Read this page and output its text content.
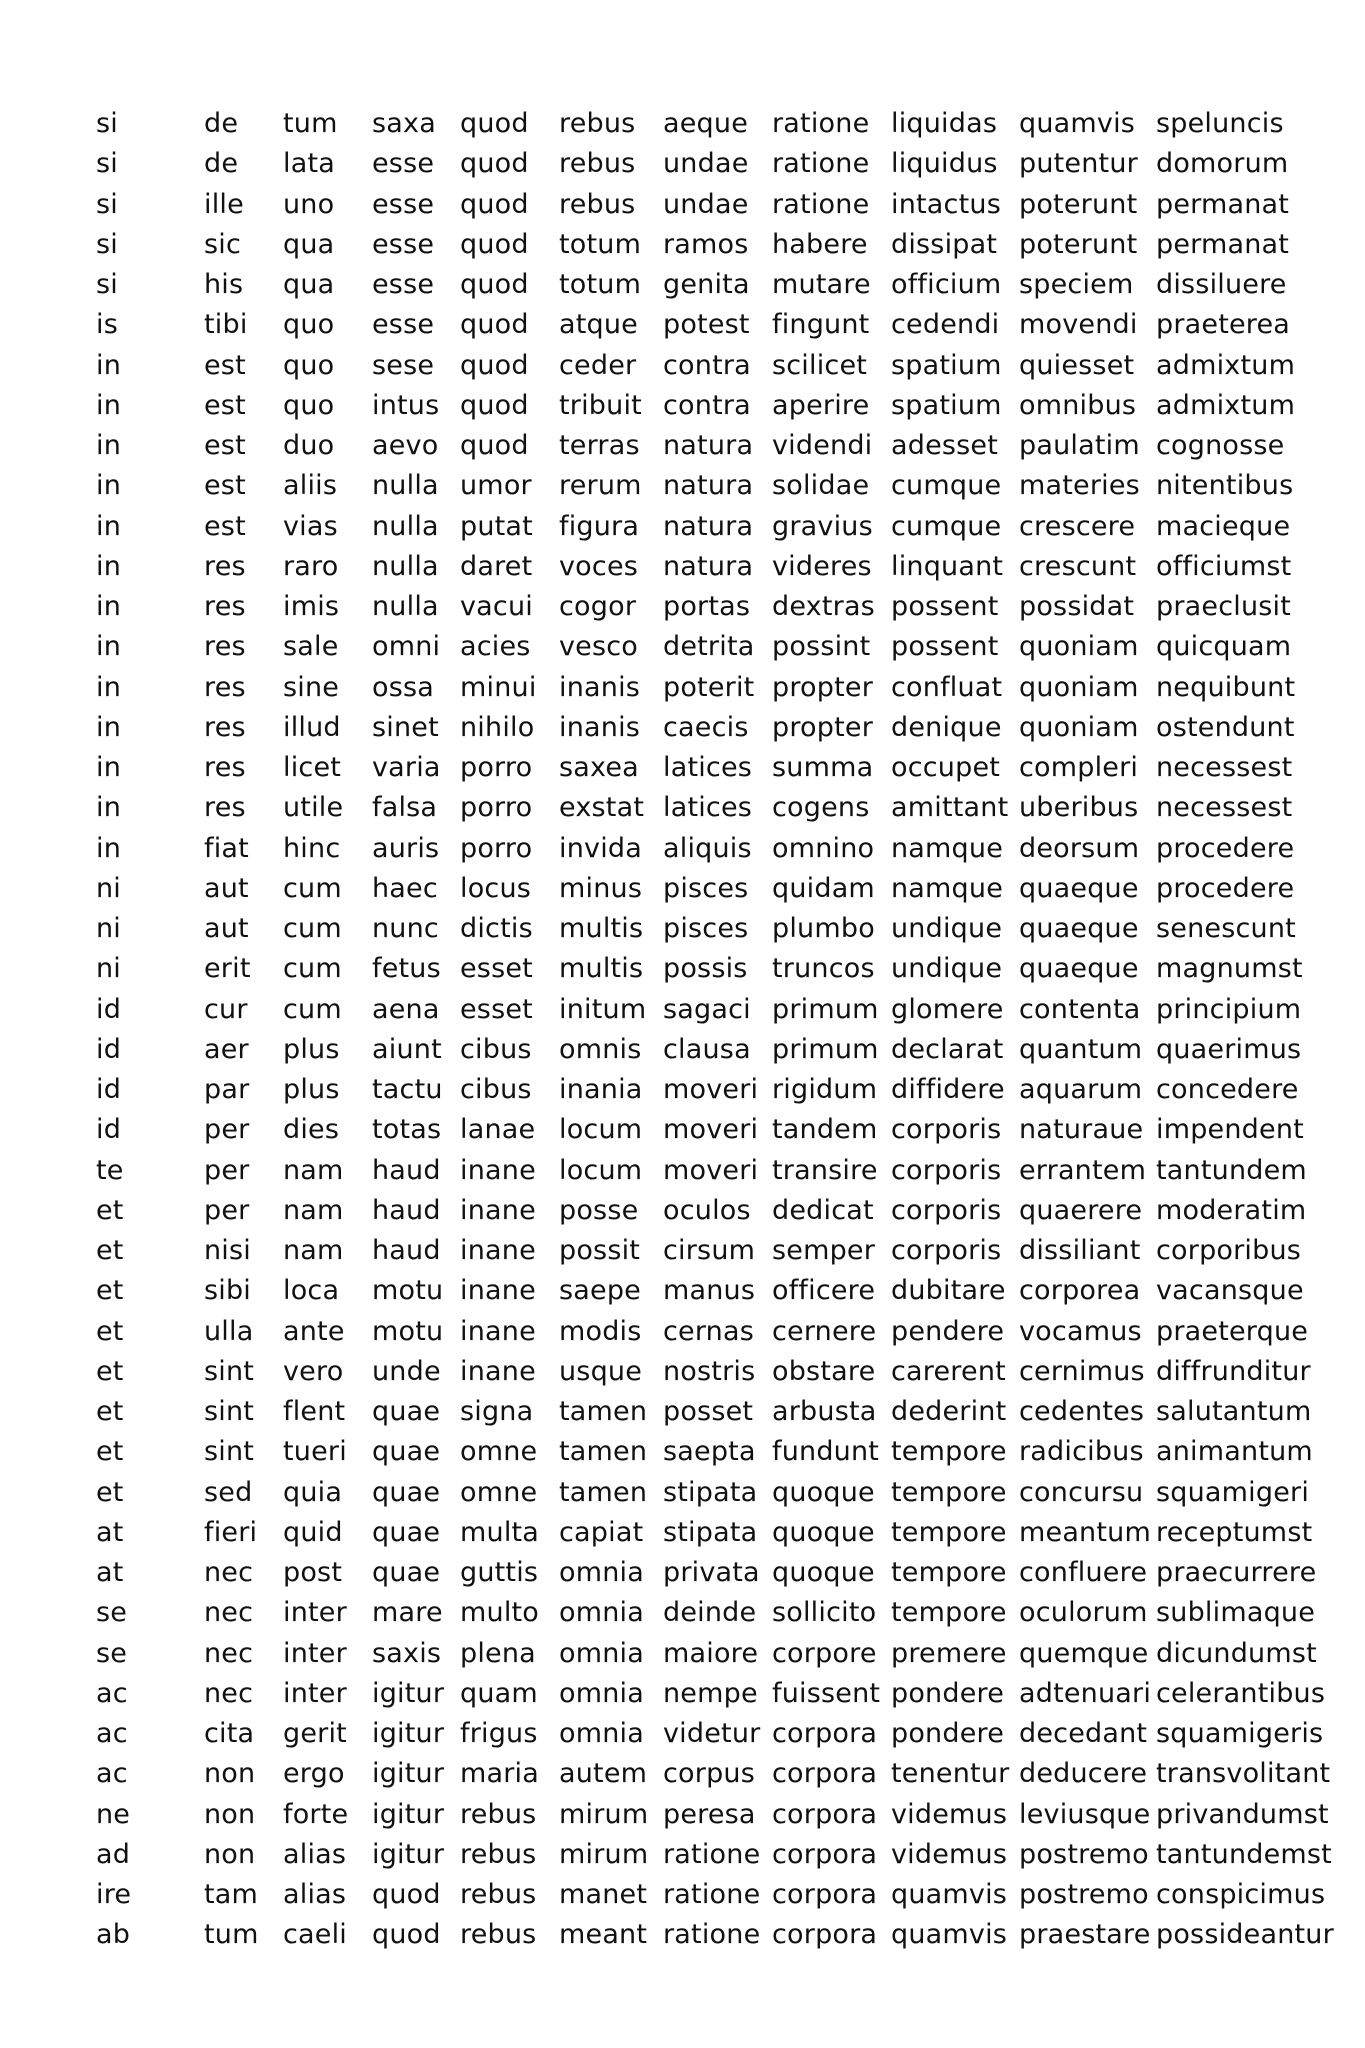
si	de	tum	saxa	quod	rebus	aeque	ratione	liquidas	quamvis	speluncis
si	de	lata	esse	quod	rebus	undae	ratione	liquidus	putentur	domorum
si	ille	uno	esse	quod	rebus	undae	ratione	intactus	poterunt	permanat
si	sic	qua	esse	quod	totum	ramos	habere	dissipat	poterunt	permanat
si	his	qua	esse	quod	totum	genita	mutare	officium	speciem	dissiluere
is	tibi	quo	esse	quod	atque	potest	fingunt	cedendi	movendi	praeterea
in	est	quo	sese	quod	ceder	contra	scilicet	spatium	quiesset	admixtum
in	est	quo	intus	quod	tribuit	contra	aperire	spatium	omnibus	admixtum
in	est	duo	aevo	quod	terras	natura	videndi	adesset	paulatim	cognosse
in	est	aliis	nulla	umor	rerum	natura	solidae	cumque	materies	nitentibus
in	est	vias	nulla	putat	figura	natura	gravius	cumque	crescere	macieque
in	res	raro	nulla	daret	voces	natura	videres	linquant	crescunt	officiumst
in	res	imis	nulla	vacui	cogor	portas	dextras	possent	possidat	praeclusit
in	res	sale	omni	acies	vesco	detrita	possint	possent	quoniam	quicquam
in	res	sine	ossa	minui	inanis	poterit	propter	confluat	quoniam	nequibunt
in	res	illud	sinet	nihilo	inanis	caecis	propter	denique	quoniam	ostendunt
in	res	licet	varia	porro	saxea	latices	summa	occupet	compleri	necessest
in	res	utile	falsa	porro	exstat	latices	cogens	amittant	uberibus	necessest
in	fiat	hinc	auris	porro	invida	aliquis	omnino	namque	deorsum	procedere
ni	aut	cum	haec	locus	minus	pisces	quidam	namque	quaeque	procedere
ni	aut	cum	nunc	dictis	multis	pisces	plumbo	undique	quaeque	senescunt
ni	erit	cum	fetus	esset	multis	possis	truncos	undique	quaeque	magnumst
id	cur	cum	aena	esset	initum	sagaci	primum	glomere	contenta	principium
id	aer	plus	aiunt	cibus	omnis	clausa	primum	declarat	quantum	quaerimus
id	par	plus	tactu	cibus	inania	moveri	rigidum	diffidere	aquarum	concedere
id	per	dies	totas	lanae	locum	moveri	tandem	corporis	naturaue	impendent
te	per	nam	haud	inane	locum	moveri	transire	corporis	errantem	tantundem
et	per	nam	haud	inane	posse	oculos	dedicat	corporis	quaerere	moderatim
et	nisi	nam	haud	inane	possit	cirsum	semper	corporis	dissiliant	corporibus
et	sibi	loca	motu	inane	saepe	manus	officere	dubitare	corporea	vacansque
et	ulla	ante	motu	inane	modis	cernas	cernere	pendere	vocamus	praeterque
et	sint	vero	unde	inane	usque	nostris	obstare	carerent	cernimus	diffrunditur
et	sint	flent	quae	signa	tamen	posset	arbusta	dederint	cedentes	salutantum
et	sint	tueri	quae	omne	tamen	saepta	fundunt	tempore	radicibus	animantum
et	sed	quia	quae	omne	tamen	stipata	quoque	tempore	concursu	squamigeri
at	fieri	quid	quae	multa	capiat	stipata	quoque	tempore	meantum	receptumst
at	nec	post	quae	guttis	omnia	privata	quoque	tempore	confluere	praecurrere
se	nec	inter	mare	multo	omnia	deinde	sollicito	tempore	oculorum	sublimaque
se	nec	inter	saxis	plena	omnia	maiore	corpore	premere	quemque	dicundumst
ac	nec	inter	igitur	quam	omnia	nempe	fuissent	pondere	adtenuari	celerantibus
ac	cita	gerit	igitur	frigus	omnia	videtur	corpora	pondere	decedant	squamigeris
ac	non	ergo	igitur	maria	autem	corpus	corpora	tenentur	deducere	transvolitant
ne	non	forte	igitur	rebus	mirum	peresa	corpora	videmus	leviusque	privandumst
ad	non	alias	igitur	rebus	mirum	ratione	corpora	videmus	postremo	tantundemst
ire	tam	alias	quod	rebus	manet	ratione	corpora	quamvis	postremo	conspicimus
ab	tum	caeli	quod	rebus	meant	ratione	corpora	quamvis	praestare	possideantur
